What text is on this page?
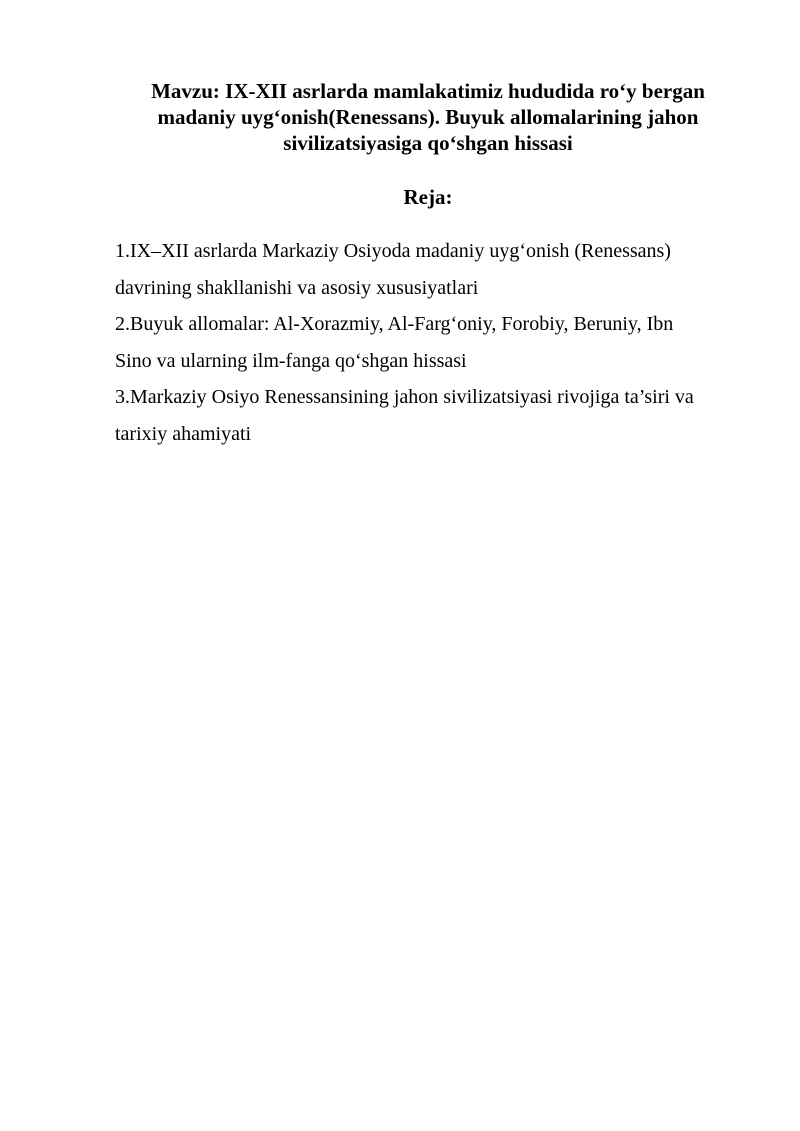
Mavzu: IX-XII asrlarda mamlakatimiz hududida ro‘y bergan
madaniy uyg‘onish(Renessans). Buyuk allomalarining jahon
sivilizatsiyasiga qo‘shgan hissasi
Reja:
1.IX–XII asrlarda Markaziy Osiyoda madaniy uyg‘onish (Renessans)
davrining shakllanishi va asosiy xususiyatlari
2.Buyuk allomalar: Al-Xorazmiy, Al-Farg‘oniy, Forobiy, Beruniy, Ibn
Sino va ularning ilm-fanga qo‘shgan hissasi
3.Markaziy Osiyo Renessansining jahon sivilizatsiyasi rivojiga ta’siri va
tarixiy ahamiyati
